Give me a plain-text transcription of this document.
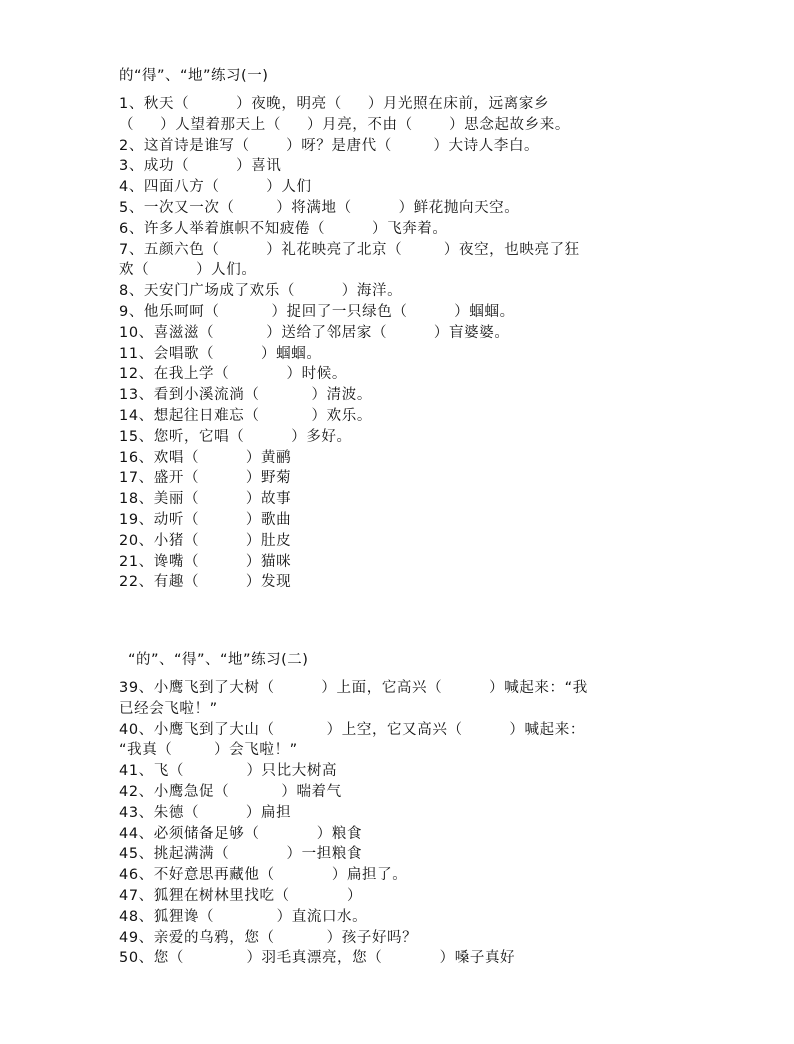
的“得”、“地”练习(一)
1、秋天（         ）夜晚，明亮（     ）月光照在床前，远离家乡
（     ）人望着那天上（     ）月亮，不由（       ）思念起故乡来。
2、这首诗是谁写（       ）呀？是唐代（        ）大诗人李白。
3、成功（         ）喜讯
4、四面八方（         ）人们
5、一次又一次（        ）将满地（         ）鲜花抛向天空。
6、许多人举着旗帜不知疲倦（         ）飞奔着。
7、五颜六色（         ）礼花映亮了北京（        ）夜空，也映亮了狂
欢（         ）人们。
8、天安门广场成了欢乐（         ）海洋。
9、他乐呵呵（          ）捉回了一只绿色（         ）蝈蝈。
10、喜滋滋（          ）送给了邻居家（         ）盲婆婆。
11、会唱歌（         ）蝈蝈。
12、在我上学（           ）时候。
13、看到小溪流淌（          ）清波。
14、想起往日难忘（          ）欢乐。
15、您听，它唱（         ）多好。
16、欢唱（         ）黄鹂
17、盛开（         ）野菊
18、美丽（         ）故事
19、动听（         ）歌曲
20、小猪（         ）肚皮
21、谗嘴（         ）猫咪
22、有趣（         ）发现
“的”、“得”、“地”练习(二)
39、小鹰飞到了大树（         ）上面，它高兴（         ）喊起来：“我
已经会飞啦！”
40、小鹰飞到了大山（          ）上空，它又高兴（         ）喊起来：
“我真（        ）会飞啦！”
41、飞（            ）只比大树高
42、小鹰急促（          ）喘着气
43、朱德（         ）扁担
44、必须储备足够（           ）粮食
45、挑起满满（           ）一担粮食
46、不好意思再藏他（           ）扁担了。
47、狐狸在树林里找吃（           ）
48、狐狸谗（            ）直流口水。
49、亲爱的乌鸦，您（          ）孩子好吗？
50、您（            ）羽毛真漂亮，您（           ）嗓子真好
